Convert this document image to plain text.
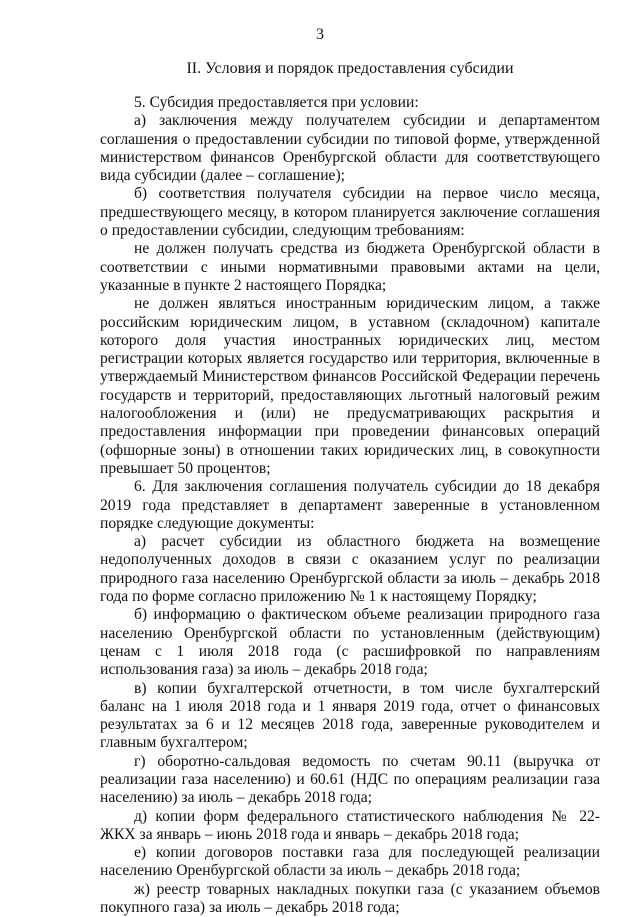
3
II. Условия и порядок предоставления субсидии

5. Субсидия предоставляется при условии:

а) заключения между получателем субсидии и департаментом соглашения о предоставлении субсидии по типовой форме, утвержденной министерством финансов Оренбургской области для соответствующего вида субсидии (далее – соглашение);

б) соответствия получателя субсидии на первое число месяца, предшествующего месяцу, в котором планируется заключение соглашения о предоставлении субсидии, следующим требованиям:

не должен получать средства из бюджета Оренбургской области в соответствии с иными нормативными правовыми актами на цели, указанные в пункте 2 настоящего Порядка;

не должен являться иностранным юридическим лицом, а также российским юридическим лицом, в уставном (складочном) капитале которого доля участия иностранных юридических лиц, местом регистрации которых является государство или территория, включенные в утверждаемый Министерством финансов Российской Федерации перечень государств и территорий, предоставляющих льготный налоговый режим налогообложения и (или) не предусматривающих раскрытия и предоставления информации при проведении финансовых операций (офшорные зоны) в отношении таких юридических лиц, в совокупности превышает 50 процентов;

6. Для заключения соглашения получатель субсидии до 18 декабря 2019 года представляет в департамент заверенные в установленном порядке следующие документы:

а) расчет субсидии из областного бюджета на возмещение недополученных доходов в связи с оказанием услуг по реализации природного газа населению Оренбургской области за июль – декабрь 2018 года по форме согласно приложению № 1 к настоящему Порядку;

б) информацию о фактическом объеме реализации природного газа населению Оренбургской области по установленным (действующим) ценам с 1 июля 2018 года (с расшифровкой по направлениям использования газа) за июль – декабрь 2018 года;

в) копии бухгалтерской отчетности, в том числе бухгалтерский баланс на 1 июля 2018 года и 1 января 2019 года, отчет о финансовых результатах за 6 и 12 месяцев 2018 года, заверенные руководителем и главным бухгалтером;

г) оборотно-сальдовая ведомость по счетам 90.11 (выручка от реализации газа населению) и 60.61 (НДС по операциям реализации газа населению) за июль – декабрь 2018 года;

д) копии форм федерального статистического наблюдения № 22-ЖКХ за январь – июнь 2018 года и январь – декабрь 2018 года;

е) копии договоров поставки газа для последующей реализации населению Оренбургской области за июль – декабрь 2018 года;

ж) реестр товарных накладных покупки газа (с указанием объемов покупного газа) за июль – декабрь 2018 года;
